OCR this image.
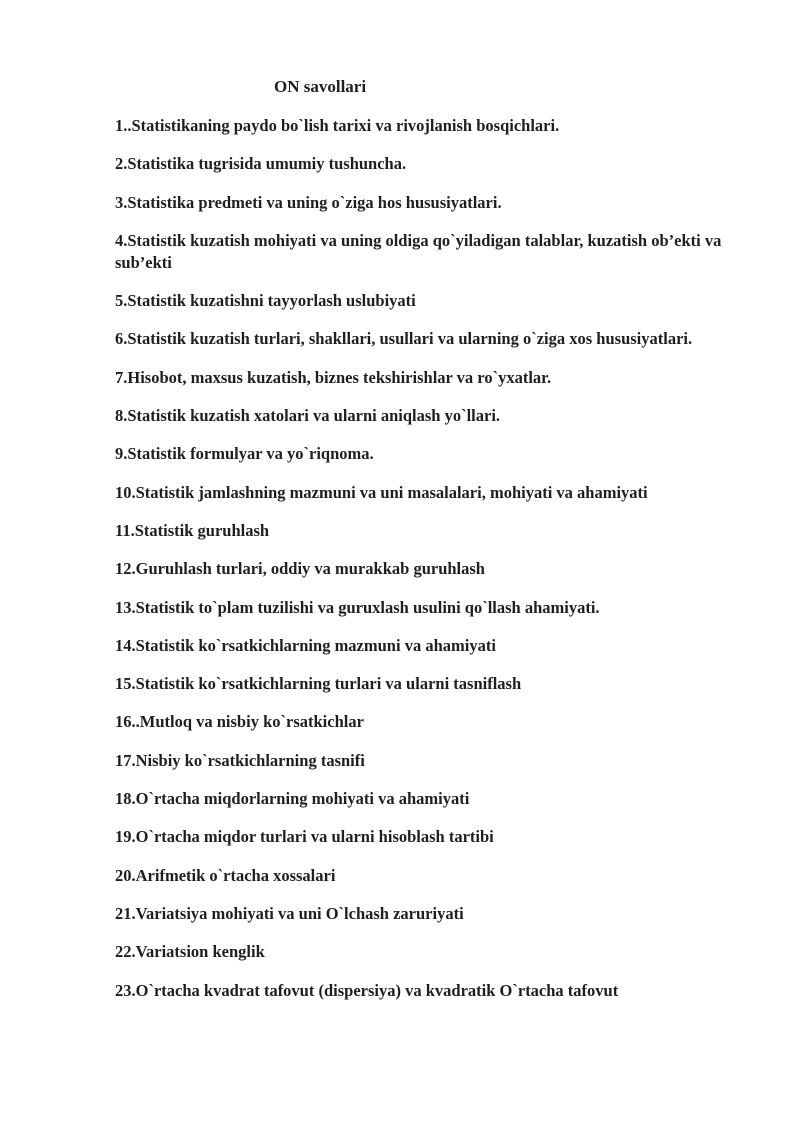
ON savollari
1..Statistikaning paydo bo`lish tarixi va rivojlanish bosqichlari.
2.Statistika tugrisida umumiy tushuncha.
3.Statistika predmeti va uning o`ziga hos hususiyatlari.
4.Statistik kuzatish mohiyati va uning oldiga qo`yiladigan talablar, kuzatish ob’ekti va sub’ekti
5.Statistik kuzatishni tayyorlash uslubiyati
6.Statistik kuzatish turlari, shakllari, usullari va ularning o`ziga xos hususiyatlari.
7.Hisobot, maxsus kuzatish, biznes tekshirishlar va ro`yxatlar.
8.Statistik kuzatish xatolari va ularni aniqlash yo`llari.
9.Statistik formulyar va yo`riqnoma.
10.Statistik jamlashning mazmuni va uni masalalari, mohiyati va ahamiyati
11.Statistik guruhlash
12.Guruhlash turlari, oddiy va murakkab guruhlash
13.Statistik to`plam tuzilishi va guruxlash usulini qo`llash ahamiyati.
14.Statistik ko`rsatkichlarning mazmuni va ahamiyati
15.Statistik ko`rsatkichlarning turlari va ularni tasniflash
16..Mutloq va nisbiy ko`rsatkichlar
17.Nisbiy ko`rsatkichlarning tasnifi
18.O`rtacha miqdorlarning mohiyati va ahamiyati
19.O`rtacha miqdor turlari va ularni hisoblash tartibi
20.Arifmetik o`rtacha xossalari
21.Variatsiya mohiyati va uni O`lchash zaruriyati
22.Variatsion kenglik
23.O`rtacha kvadrat tafovut (dispersiya) va kvadratik O`rtacha tafovut
